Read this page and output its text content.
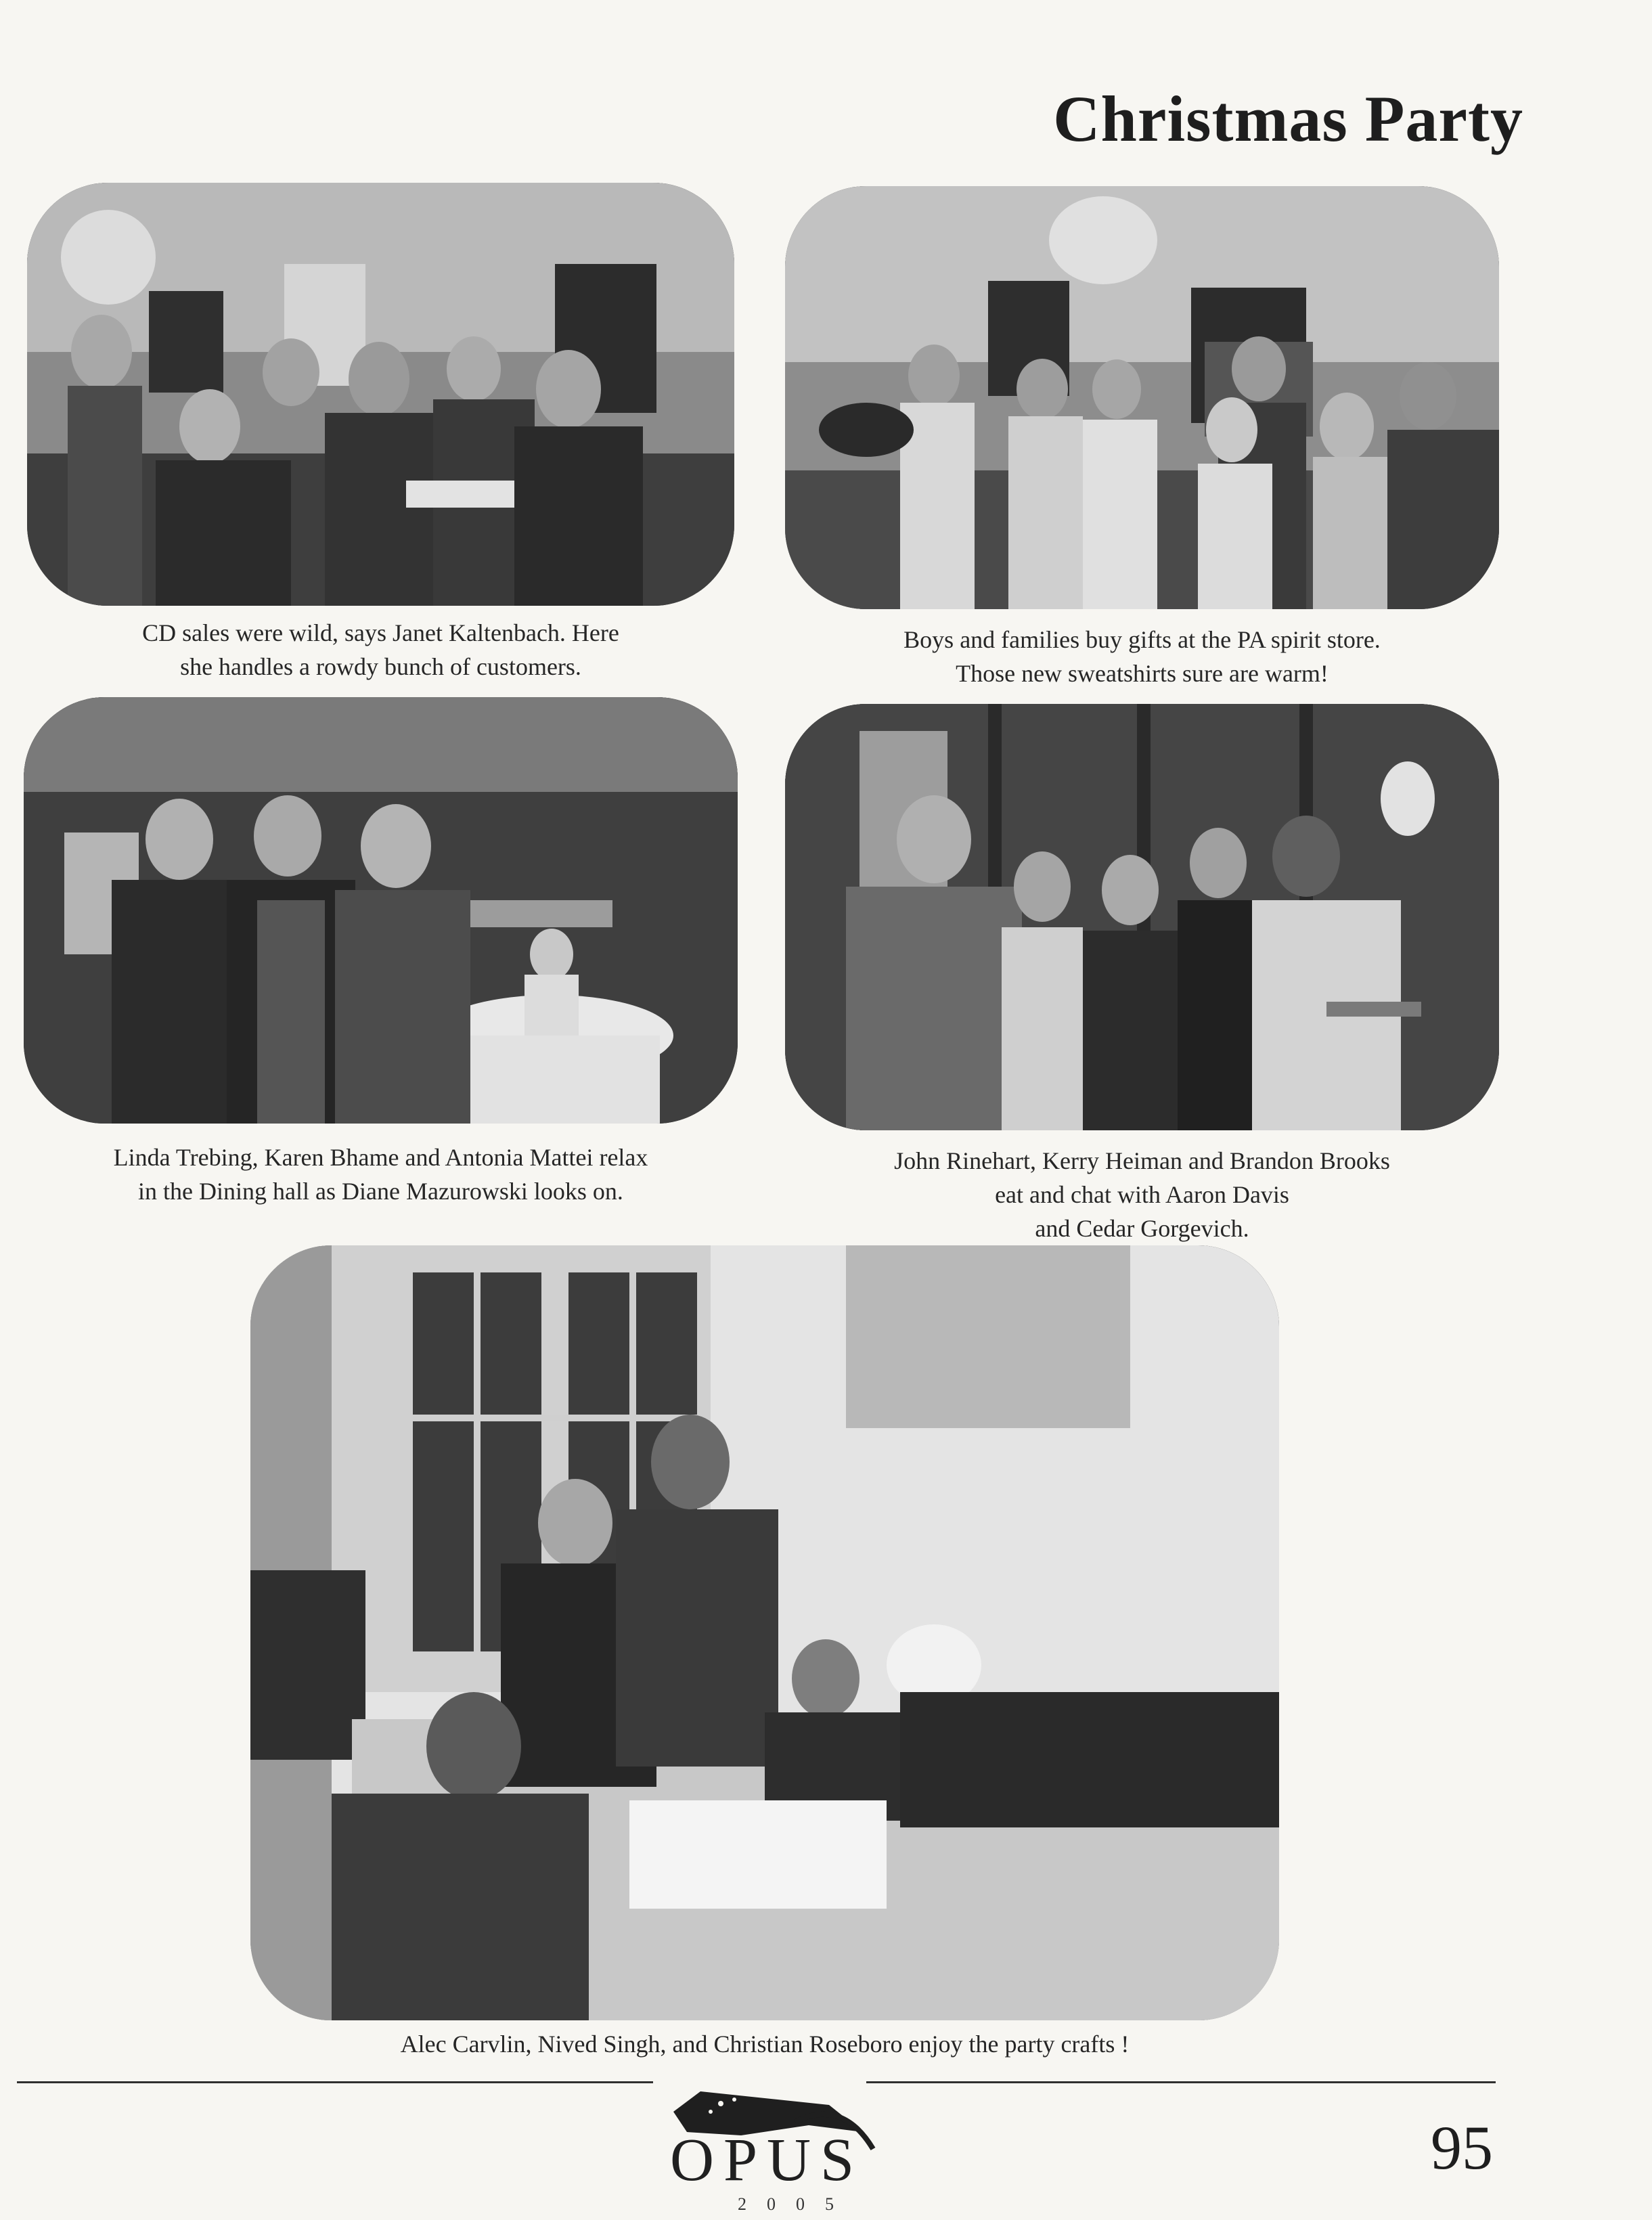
Christmas Party
CD sales were wild, says Janet Kaltenbach. Here
she handles a rowdy bunch of customers.
Boys and families buy gifts at the PA spirit store.
Those new sweatshirts sure are warm!
Linda Trebing, Karen Bhame and Antonia Mattei relax
in the Dining hall as Diane Mazurowski looks on.
John Rinehart, Kerry Heiman and Brandon Brooks
eat and chat with Aaron Davis
and Cedar Gorgevich.
Alec Carvlin, Nived Singh, and Christian Roseboro enjoy the party crafts !
OPUS
2005
95
